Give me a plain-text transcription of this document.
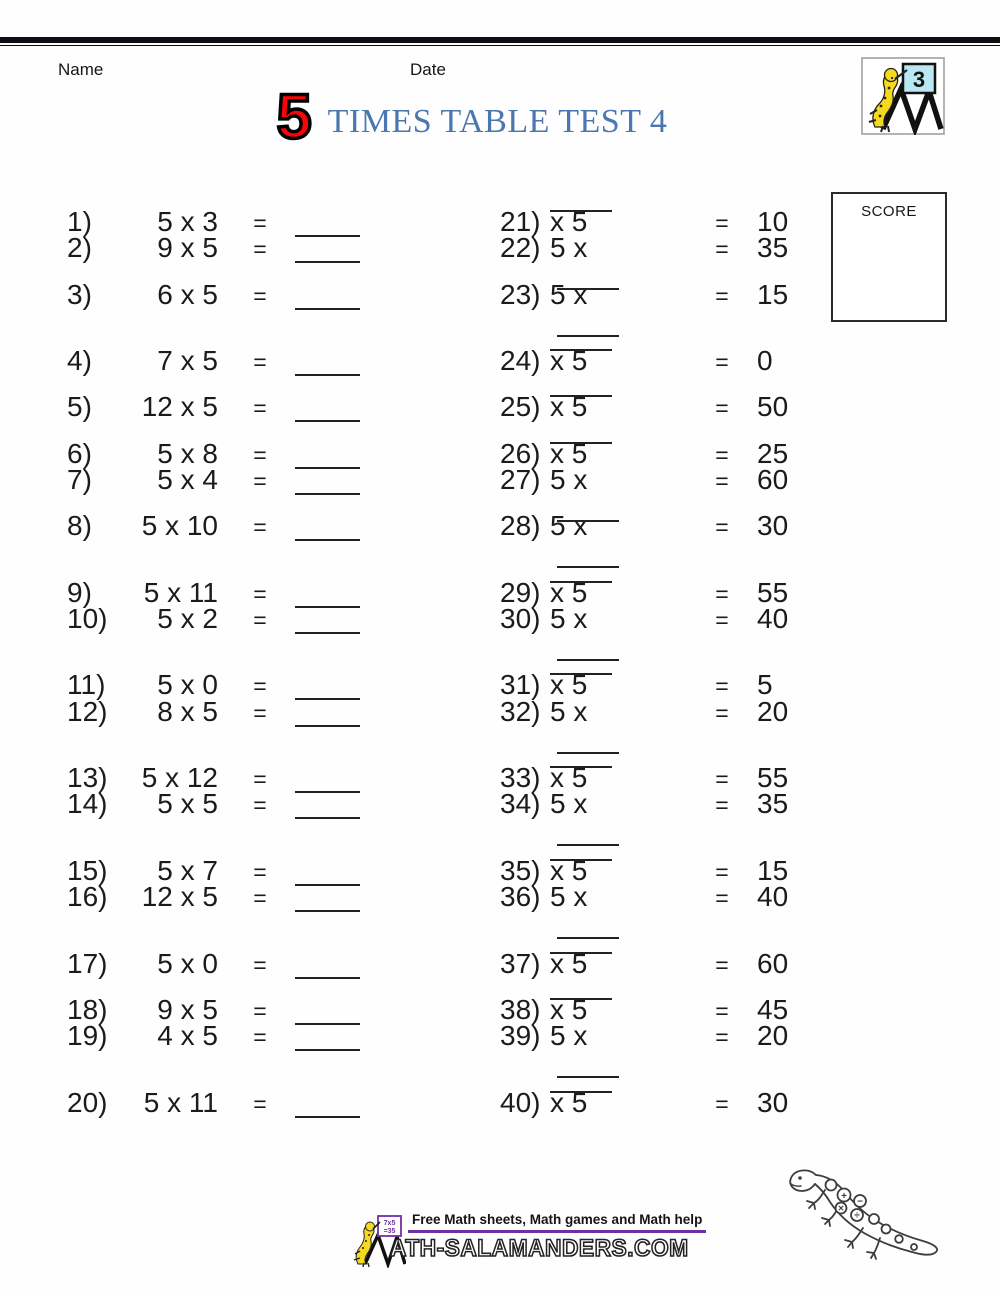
Name	Date	3
5 TIMES TABLE TEST 4
SCORE
1)	5 x 3	=	21) x 5	=	10
2)	9 x 5	=	22) 5 x	=	35
3)	6 x 5	=	23) 5 x	=	15
4)	7 x 5	=	24) x 5	=	0
5)	12 x 5	=	25) x 5	=	50
6)	5 x 8	=	26) x 5	=	25
7)	5 x 4	=	27) 5 x	=	60
8)	5 x 10	=	28) 5 x	=	30
9)	5 x 11	=	29) x 5	=	55
10)	5 x 2	=	30) 5 x	=	40
11)	5 x 0	=	31) x 5	=	5
12)	8 x 5	=	32) 5 x	=	20
13)	5 x 12	=	33) x 5	=	55
14)	5 x 5	=	34) 5 x	=	35
15)	5 x 7	=	35) x 5	=	15
16)	12 x 5	=	36) 5 x	=	40
17)	5 x 0	=	37) x 5	=	60
18)	9 x 5	=	38) x 5	=	45
19)	4 x 5	=	39) 5 x	=	20
20)	5 x 11	=	40) x 5	=	30
7x5
=35
Free Math sheets, Math games and Math help
ATH-SALAMANDERS.COM
+
−
×
÷
